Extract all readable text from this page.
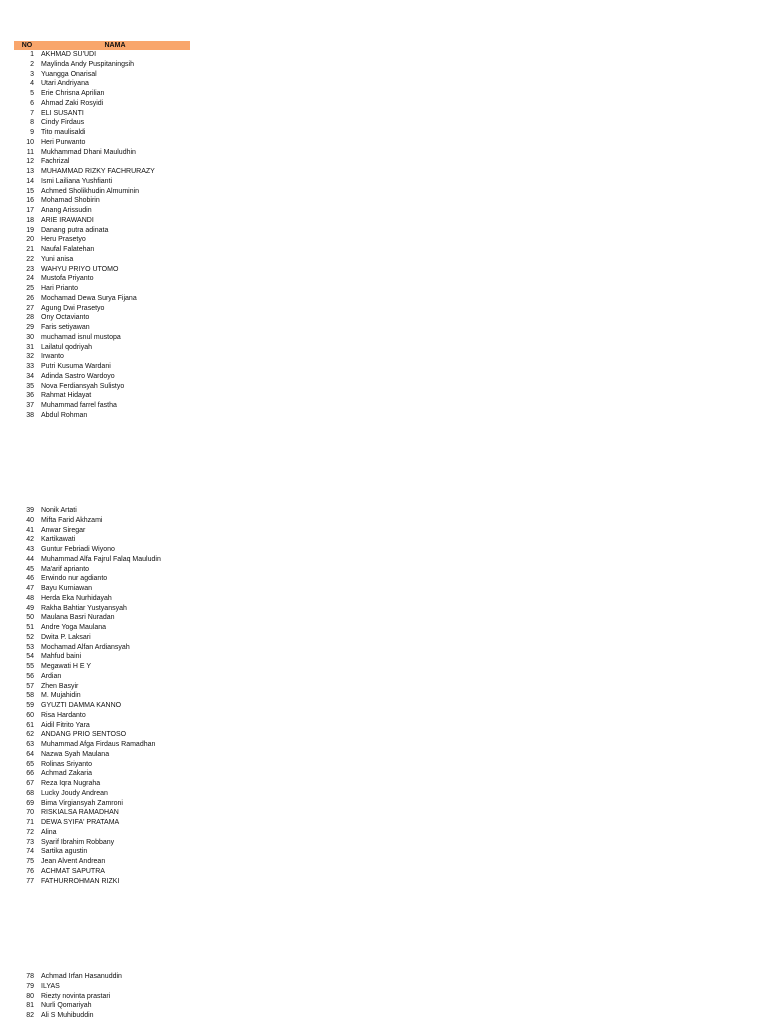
NO	NAMA
1	AKHMAD SU'UDI
2	Maylinda Andy Puspitaningsih
3	Yuangga Onarisal
4	Utari Andriyana
5	Erie Chrisna Aprilian
6	Ahmad Zaki Rosyidi
7	ELI SUSANTI
8	Cindy Firdaus
9	Tito maulisaldi
10	Heri Purwanto
11	Mukhammad Dhani Mauludhin
12	Fachrizal
13	MUHAMMAD RIZKY FACHRURAZY
14	Ismi Lailiana Yushfianti
15	Achmed Sholikhudin Almuminin
16	Mohamad Shobirin
17	Anang Arissudin
18	ARIE IRAWANDI
19	Danang putra adinata
20	Heru Prasetyo
21	Naufal Falatehan
22	Yuni anisa
23	WAHYU PRIYO UTOMO
24	Mustofa Priyanto
25	Hari Prianto
26	Mochamad Dewa Surya Fijana
27	Agung Dwi Prasetyo
28	Ony Octavianto
29	Faris setiyawan
30	muchamad isnul mustopa
31	Lailatul qodriyah
32	Irwanto
33	Putri Kusuma Wardani
34	Adinda Sastro Wardoyo
35	Nova Ferdiansyah Sulistyo
36	Rahmat Hidayat
37	Muhammad farrel fastha
38	Abdul Rohman
39	Nonik Artati
40	Mifta Farid Akhzami
41	Anwar Siregar
42	Kartikawati
43	Guntur Febriadi Wiyono
44	Muhammad Alfa Fajrul Falaq Mauludin
45	Ma'arif aprianto
46	Erwindo nur agdianto
47	Bayu Kurniawan
48	Herda Eka Nurhidayah
49	Rakha Bahtiar Yustyansyah
50	Maulana Basri Nuradan
51	Andre Yoga Maulana
52	Dwita P. Laksari
53	Mochamad Alfan Ardiansyah
54	Mahfud baini
55	Megawati H E Y
56	Ardian
57	Zhen Basyir
58	M. Mujahidin
59	GYUZTI DAMMA KANNO
60	Risa Hardanto
61	Aidil Fitrito Yara
62	ANDANG PRIO SENTOSO
63	Muhammad Afga Firdaus Ramadhan
64	Nazwa Syah Maulana
65	Rolinas Sriyanto
66	Achmad Zakaria
67	Reza Iqra Nugraha
68	Lucky Joudy Andrean
69	Bima Virgiansyah Zamroni
70	RISKIALSA RAMADHAN
71	DEWA SYIFA' PRATAMA
72	Alina
73	Syarif Ibrahim Robbany
74	Sartika agustin
75	Jean Alvent Andrean
76	ACHMAT SAPUTRA
77	FATHURROHMAN RIZKI
78	Achmad Irfan Hasanuddin
79	ILYAS
80	Riezty novinta prastari
81	Nurli Qomariyah
82	Ali S Muhibuddin
